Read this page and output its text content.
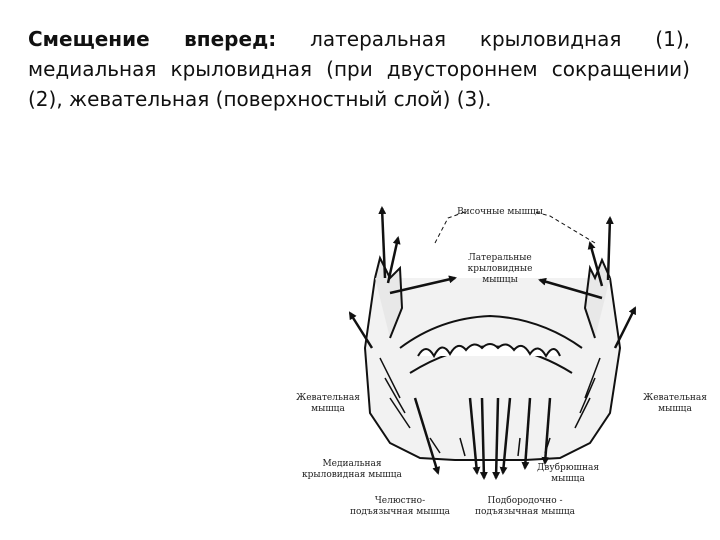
Смещение вперед: латеральная крыловидная (1), медиальная крыловидная (при двустороннем сокращении) (2), жевательная (поверхностный слой) (3).

Височные мышцы
Латеральные
крыловидные
мышцы
Жевательная
мышца
Жевательная
мышца
Медиальная
крыловидная мышца
Двубрюшная
мышца
Челюстно-
подъязычная мышца
Подбородочно -
подъязычная мышца
